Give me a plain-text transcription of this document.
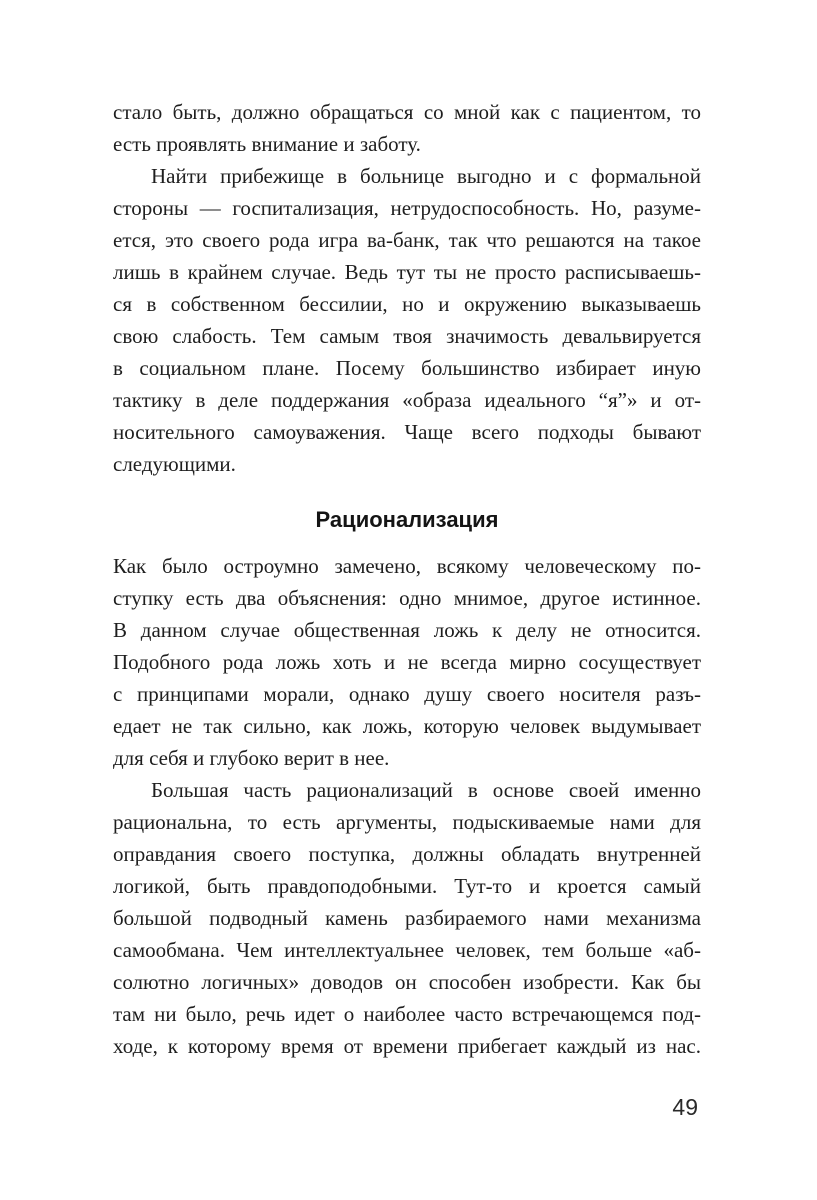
стало быть, должно обращаться со мной как с пациентом, то
есть проявлять внимание и заботу.
Найти прибежище в больнице выгодно и с формальной
стороны — госпитализация, нетрудоспособность. Но, разуме-
ется, это своего рода игра ва-банк, так что решаются на такое
лишь в крайнем случае. Ведь тут ты не просто расписываешь-
ся в собственном бессилии, но и окружению выказываешь
свою слабость. Тем самым твоя значимость девальвируется
в социальном плане. Посему большинство избирает иную
тактику в деле поддержания «образа идеального “я”» и от-
носительного самоуважения. Чаще всего подходы бывают
следующими.
Рационализация
Как было остроумно замечено, всякому человеческому по-
ступку есть два объяснения: одно мнимое, другое истинное.
В данном случае общественная ложь к делу не относится.
Подобного рода ложь хоть и не всегда мирно сосуществует
с принципами морали, однако душу своего носителя разъ-
едает не так сильно, как ложь, которую человек выдумывает
для себя и глубоко верит в нее.
Большая часть рационализаций в основе своей именно
рациональна, то есть аргументы, подыскиваемые нами для
оправдания своего поступка, должны обладать внутренней
логикой, быть правдоподобными. Тут-то и кроется самый
большой подводный камень разбираемого нами механизма
самообмана. Чем интеллектуальнее человек, тем больше «аб-
солютно логичных» доводов он способен изобрести. Как бы
там ни было, речь идет о наиболее часто встречающемся под-
ходе, к которому время от времени прибегает каждый из нас.
49
